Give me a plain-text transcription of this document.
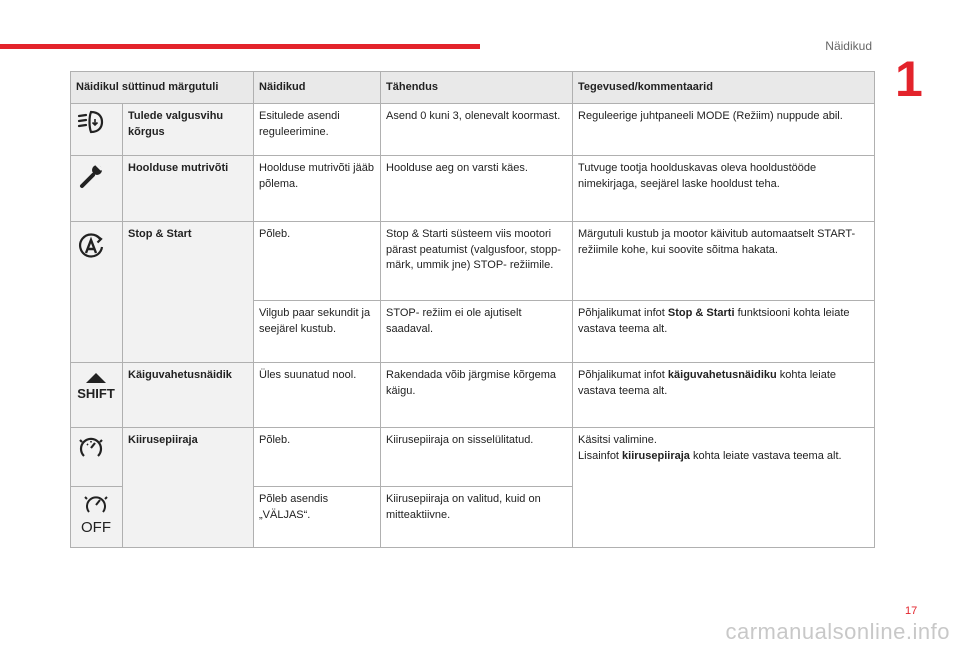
Näidikud
1
Näidikul süttinud märgutuli		Näidikud	Tähendus	Tegevused/kommentaarid

	Tulede valgusvihu kõrgus	Esitulede asendi reguleerimine.	Asend 0 kuni 3, olenevalt koormast.	Reguleerige juhtpaneeli MODE (Režiim) nuppude abil.

	Hoolduse mutrivõti	Hoolduse mutrivõti jääb põlema.	Hoolduse aeg on varsti käes.	Tutvuge tootja hoolduskavas oleva hooldustööde nimekirjaga, seejärel laske hooldust teha.

	Stop & Start	Põleb.	Stop & Starti süsteem viis mootori pärast peatumist (valgusfoor, stopp-märk, ummik jne) STOP- režiimile.	Märgutuli kustub ja mootor käivitub automaatselt START- režiimile kohe, kui soovite sõitma hakata.
		Vilgub paar sekundit ja seejärel kustub.	STOP- režiim ei ole ajutiselt saadaval.	Põhjalikumat infot Stop & Starti funktsiooni kohta leiate vastava teema alt.

SHIFT	Käiguvahetusnäidik	Üles suunatud nool.	Rakendada võib järgmise kõrgema käigu.	Põhjalikumat infot käiguvahetusnäidiku kohta leiate vastava teema alt.

	Kiirusepiiraja	Põleb.	Kiirusepiiraja on sisselülitatud.	Käsitsi valimine.
Lisainfot kiirusepiiraja kohta leiate vastava teema alt.

OFF		Põleb asendis „VÄLJAS“.	Kiirusepiiraja on valitud, kuid on mitteaktiivne.	
17
carmanualsonline.info
